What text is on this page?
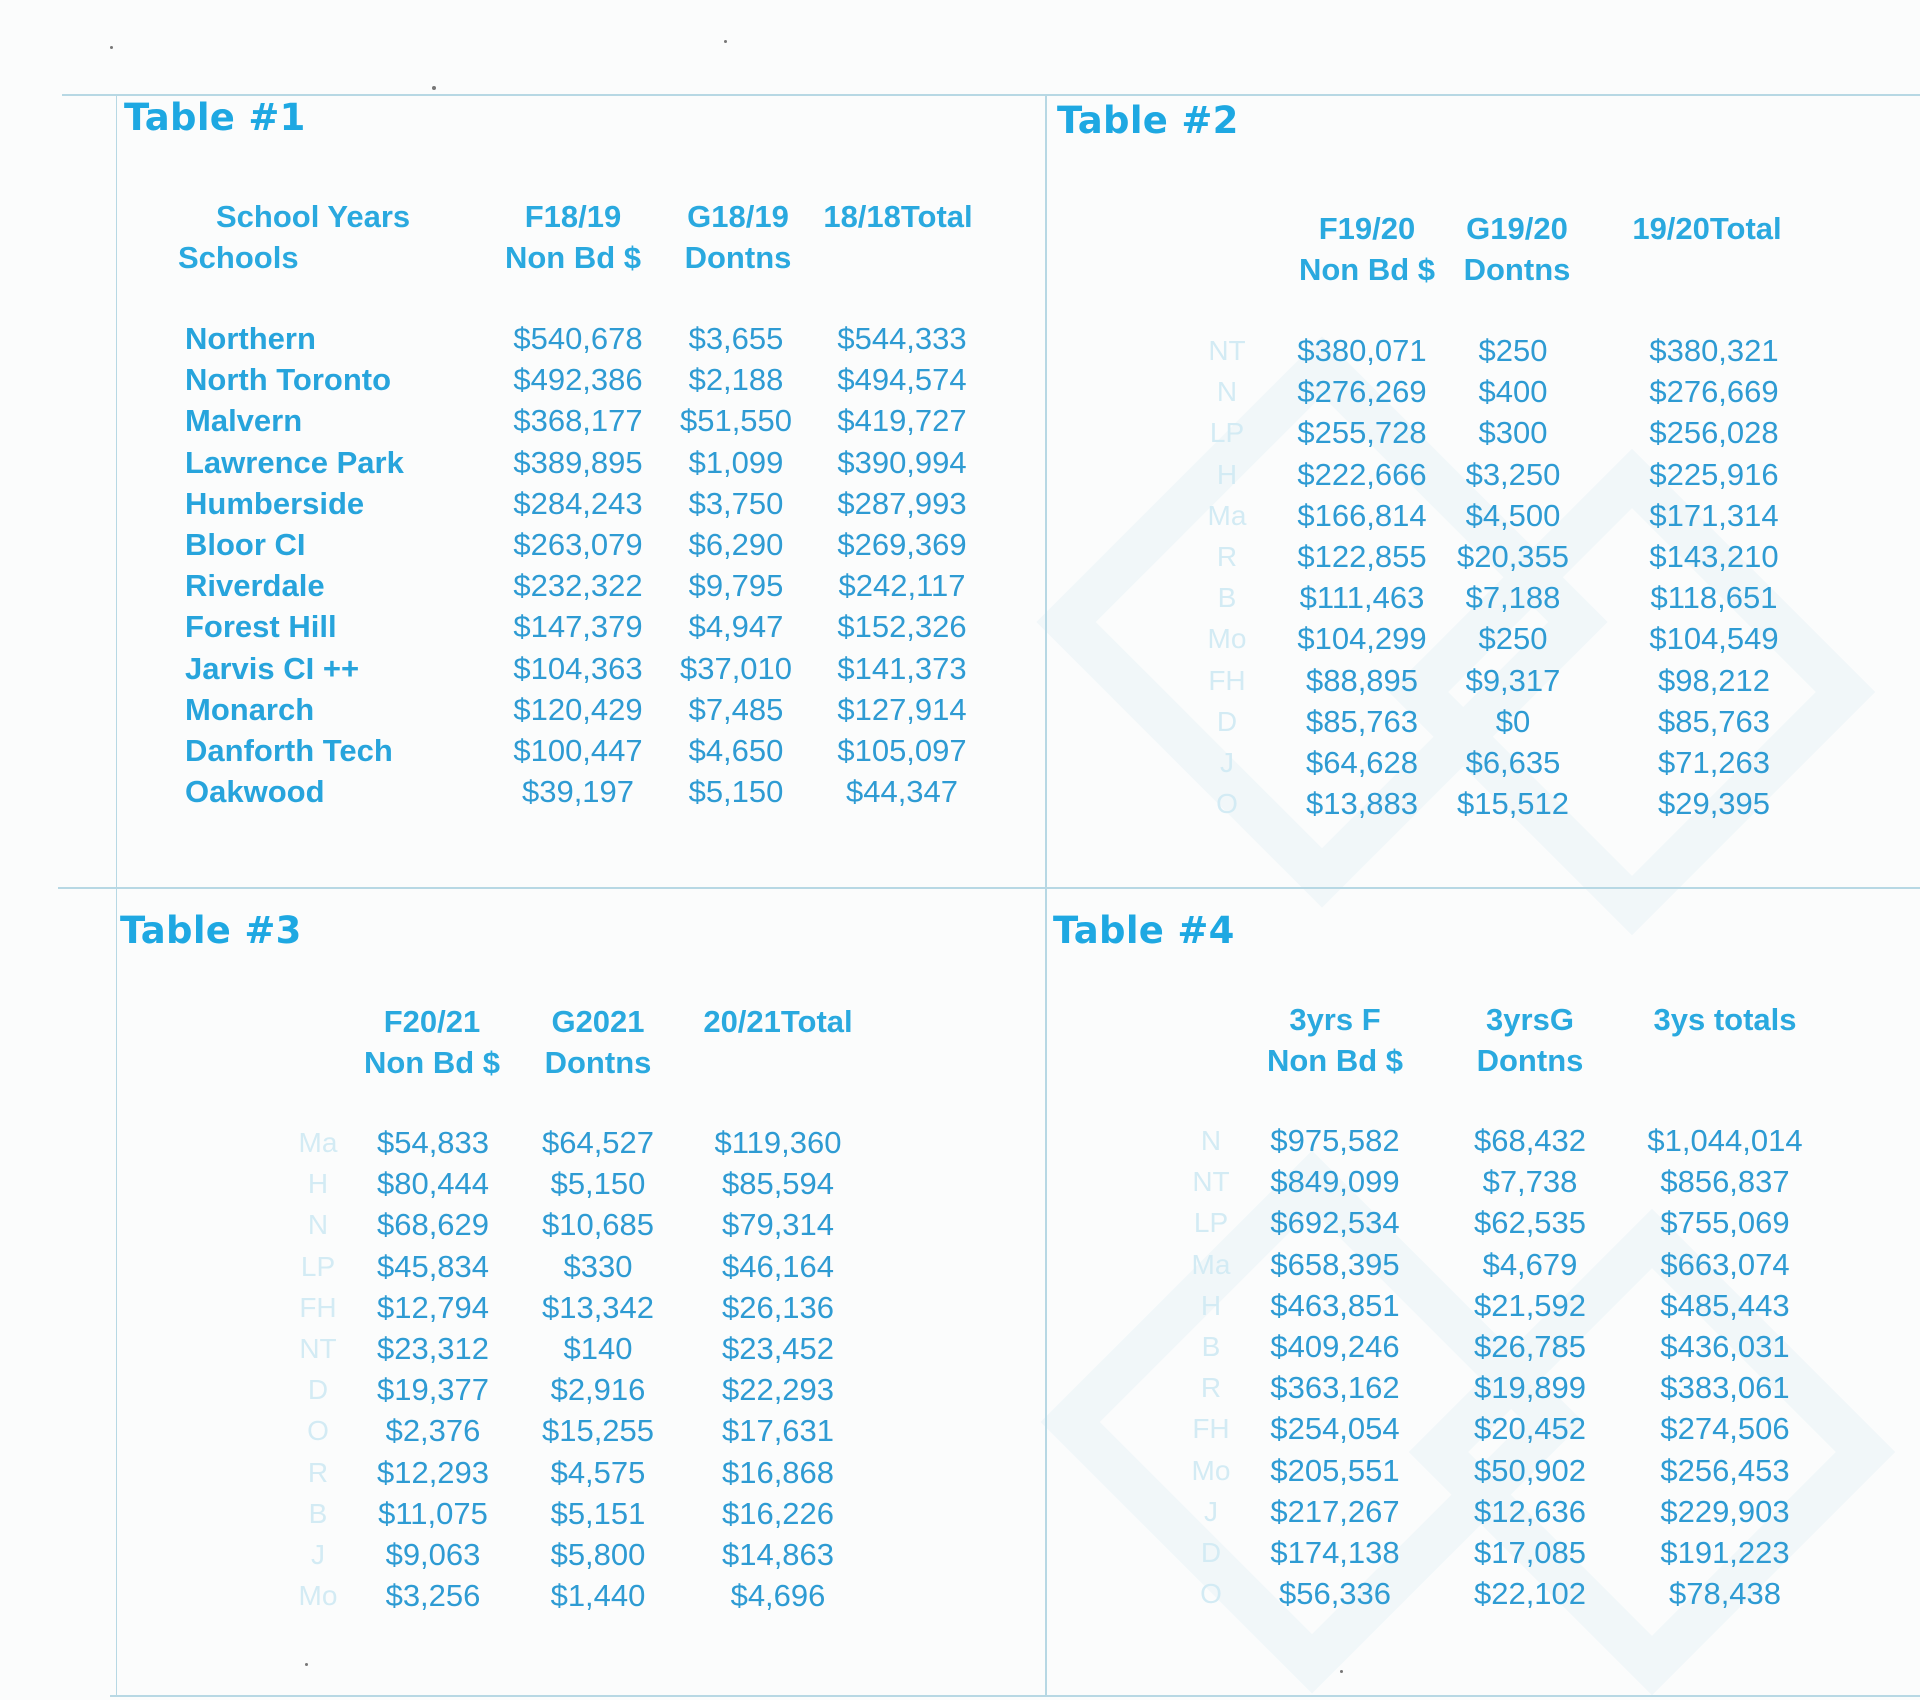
Table #1
School Years
Schools
F18/19
Non Bd $
G18/19
Dontns
18/18Total
Northern	$540,678	$3,655	$544,333
North Toronto	$492,386	$2,188	$494,574
Malvern	$368,177	$51,550	$419,727
Lawrence Park	$389,895	$1,099	$390,994
Humberside	$284,243	$3,750	$287,993
Bloor CI	$263,079	$6,290	$269,369
Riverdale	$232,322	$9,795	$242,117
Forest Hill	$147,379	$4,947	$152,326
Jarvis CI ++	$104,363	$37,010	$141,373
Monarch	$120,429	$7,485	$127,914
Danforth Tech	$100,447	$4,650	$105,097
Oakwood	$39,197	$5,150	$44,347
Table #2
F19/20
Non Bd $
G19/20
Dontns
19/20Total
NT	$380,071	$250	$380,321
N	$276,269	$400	$276,669
LP	$255,728	$300	$256,028
H	$222,666	$3,250	$225,916
Ma	$166,814	$4,500	$171,314
R	$122,855 $20,355	$143,210
B	$111,463	$7,188	$118,651
Mo	$104,299	$250	$104,549
FH	$88,895	$9,317	$98,212
D	$85,763	$0	$85,763
J	$64,628	$6,635	$71,263
O	$13,883	$15,512	$29,395
Table #3
F20/21
Non Bd $
G2021
Dontns
20/21Total
Ma	$54,833	$64,527	$119,360
H	$80,444	$5,150	$85,594
N	$68,629	$10,685	$79,314
LP	$45,834	$330	$46,164
FH	$12,794	$13,342	$26,136
NT	$23,312	$140	$23,452
D	$19,377	$2,916	$22,293
O	$2,376	$15,255	$17,631
R	$12,293	$4,575	$16,868
B	$11,075	$5,151	$16,226
J	$9,063	$5,800	$14,863
Mo	$3,256	$1,440	$4,696
Table #4
3yrs F
Non Bd $
3yrsG
Dontns
3ys totals
N	$975,582	$68,432	$1,044,014
NT	$849,099	$7,738	$856,837
LP	$692,534	$62,535	$755,069
Ma	$658,395	$4,679	$663,074
H	$463,851	$21,592	$485,443
B	$409,246	$26,785	$436,031
R	$363,162	$19,899	$383,061
FH	$254,054	$20,452	$274,506
Mo	$205,551	$50,902	$256,453
J	$217,267	$12,636	$229,903
D	$174,138	$17,085	$191,223
O	$56,336	$22,102	$78,438
